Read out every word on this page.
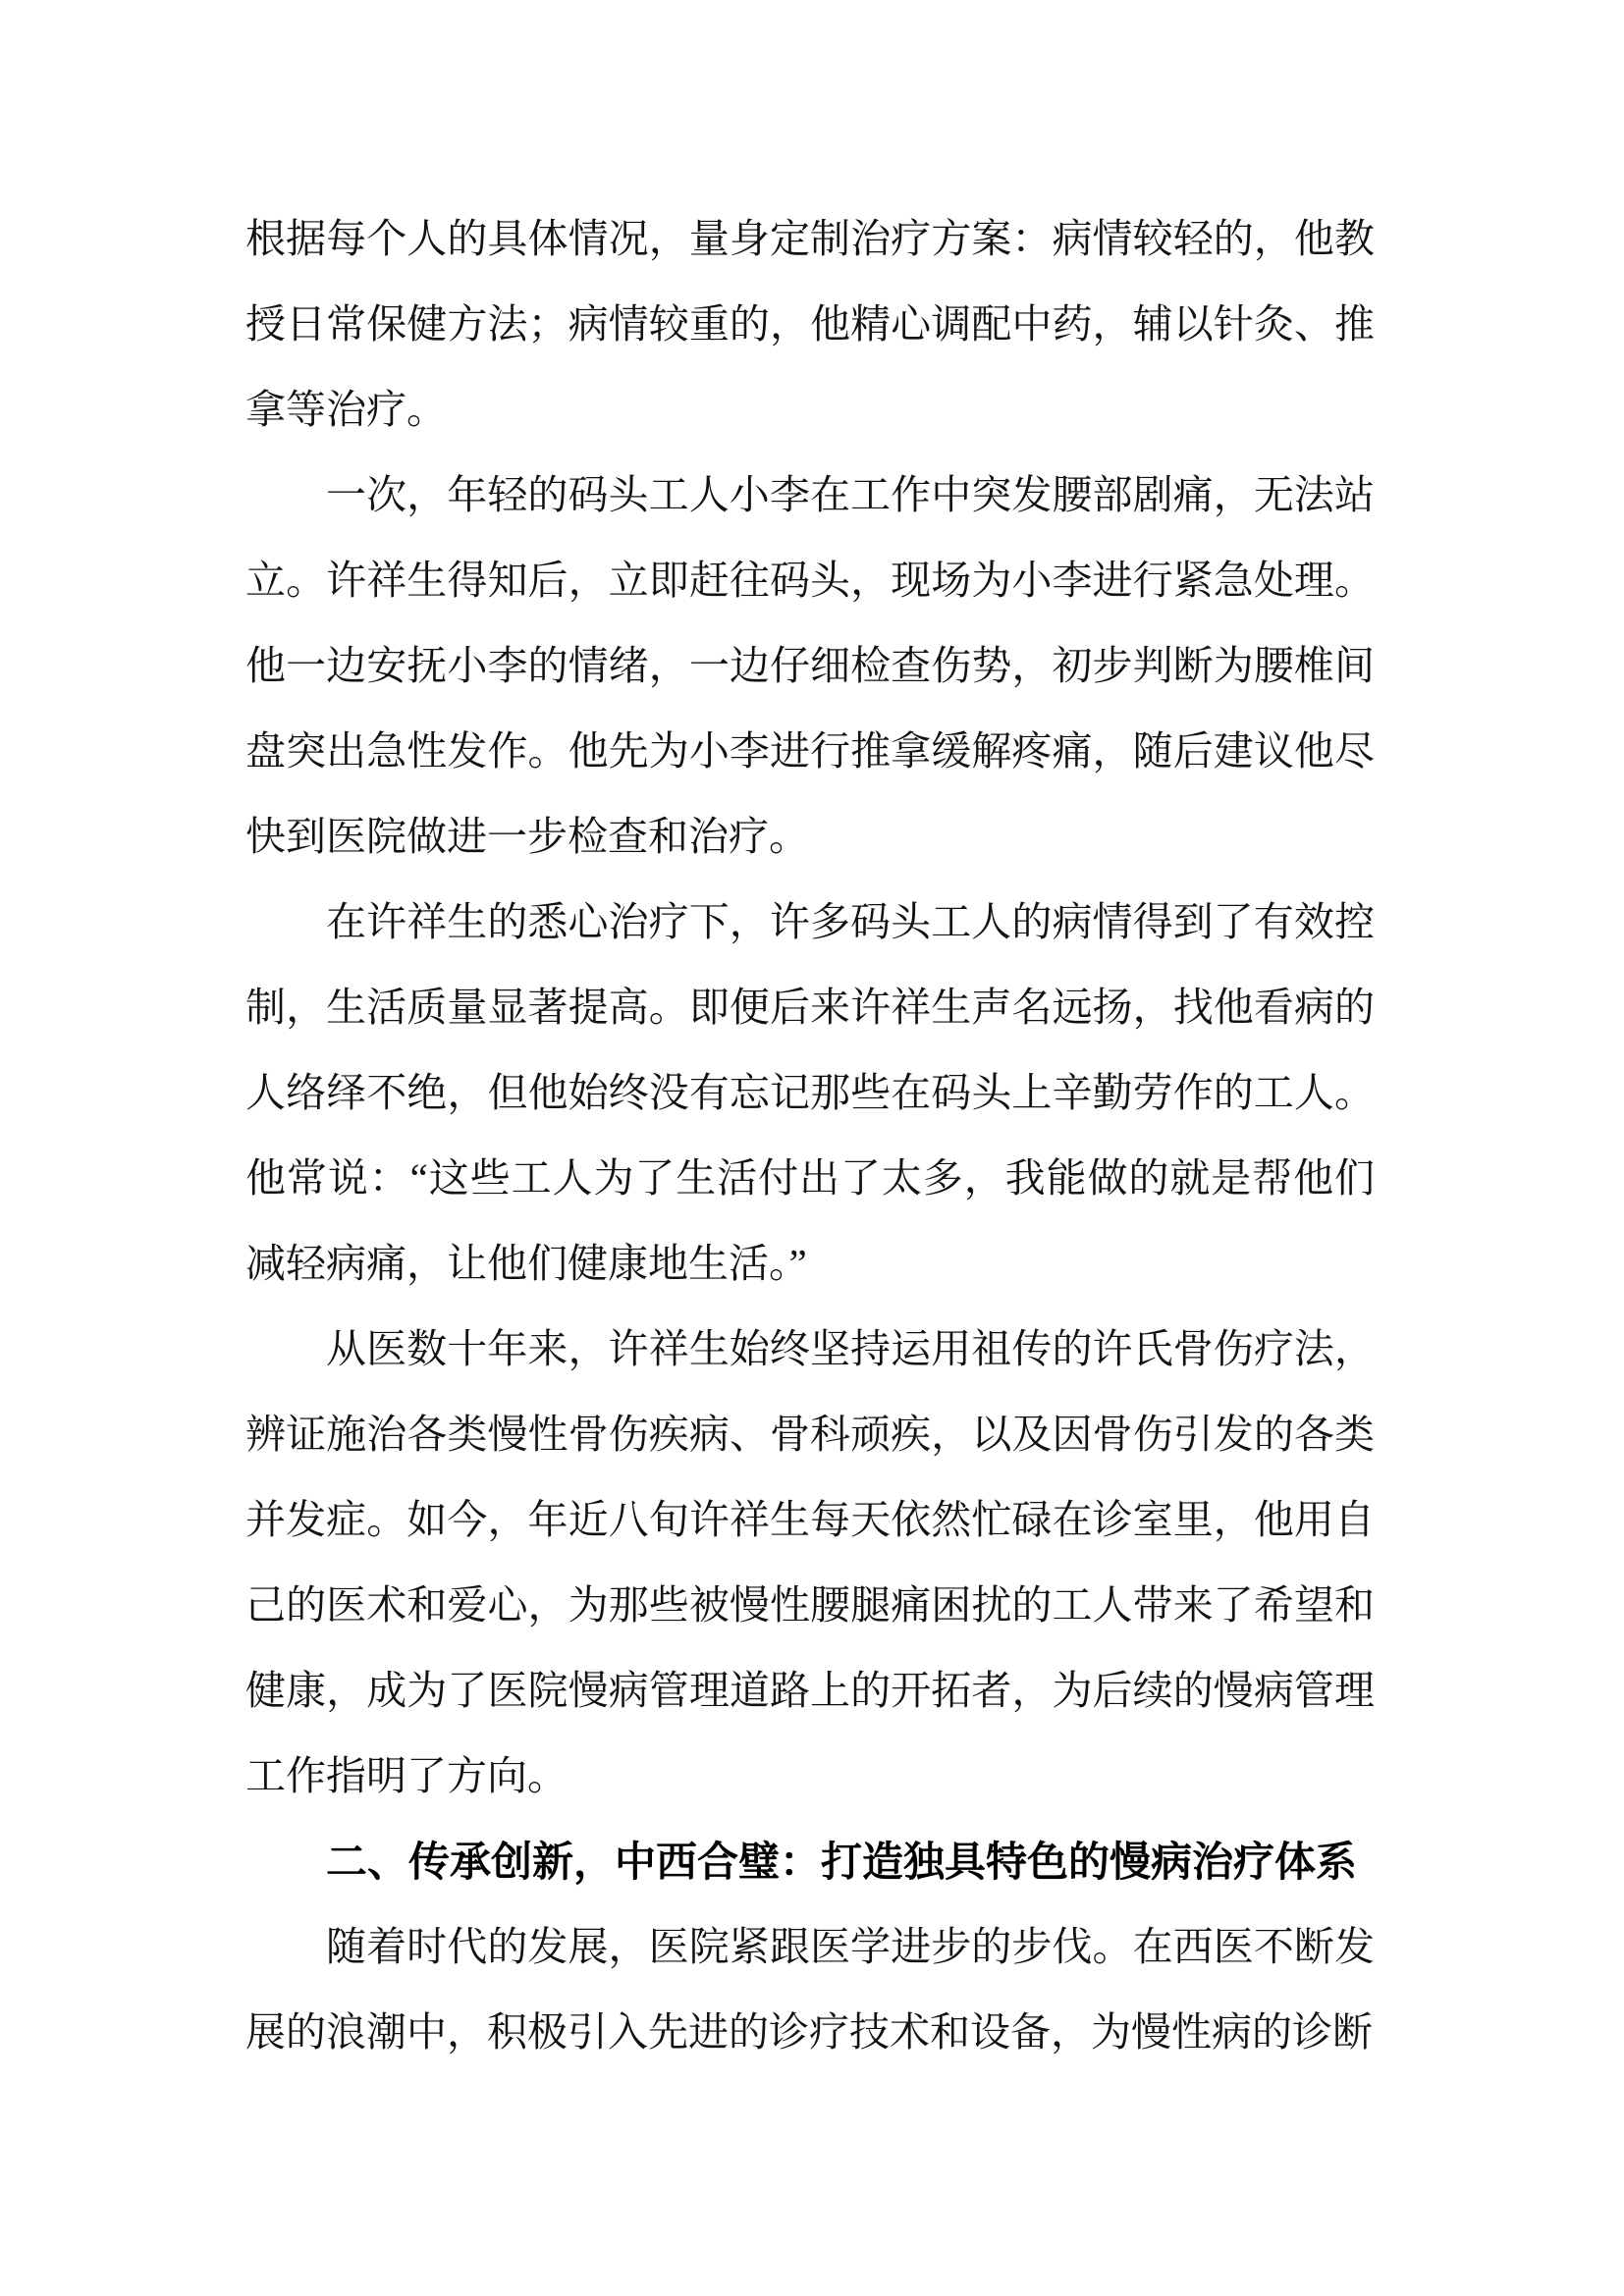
根据每个人的具体情况，量身定制治疗方案：病情较轻的，他教授日常保健方法；病情较重的，他精心调配中药，辅以针灸、推拿等治疗。

一次，年轻的码头工人小李在工作中突发腰部剧痛，无法站立。许祥生得知后，立即赶往码头，现场为小李进行紧急处理。他一边安抚小李的情绪，一边仔细检查伤势，初步判断为腰椎间盘突出急性发作。他先为小李进行推拿缓解疼痛，随后建议他尽快到医院做进一步检查和治疗。

在许祥生的悉心治疗下，许多码头工人的病情得到了有效控制，生活质量显著提高。即便后来许祥生声名远扬，找他看病的人络绎不绝，但他始终没有忘记那些在码头上辛勤劳作的工人。他常说：“这些工人为了生活付出了太多，我能做的就是帮他们减轻病痛，让他们健康地生活。”

从医数十年来，许祥生始终坚持运用祖传的许氏骨伤疗法，辨证施治各类慢性骨伤疾病、骨科顽疾，以及因骨伤引发的各类并发症。如今，年近八旬许祥生每天依然忙碌在诊室里，他用自己的医术和爱心，为那些被慢性腰腿痛困扰的工人带来了希望和健康，成为了医院慢病管理道路上的开拓者，为后续的慢病管理工作指明了方向。

二、传承创新，中西合璧：打造独具特色的慢病治疗体系

随着时代的发展，医院紧跟医学进步的步伐。在西医不断发展的浪潮中，积极引入先进的诊疗技术和设备，为慢性病的诊断
